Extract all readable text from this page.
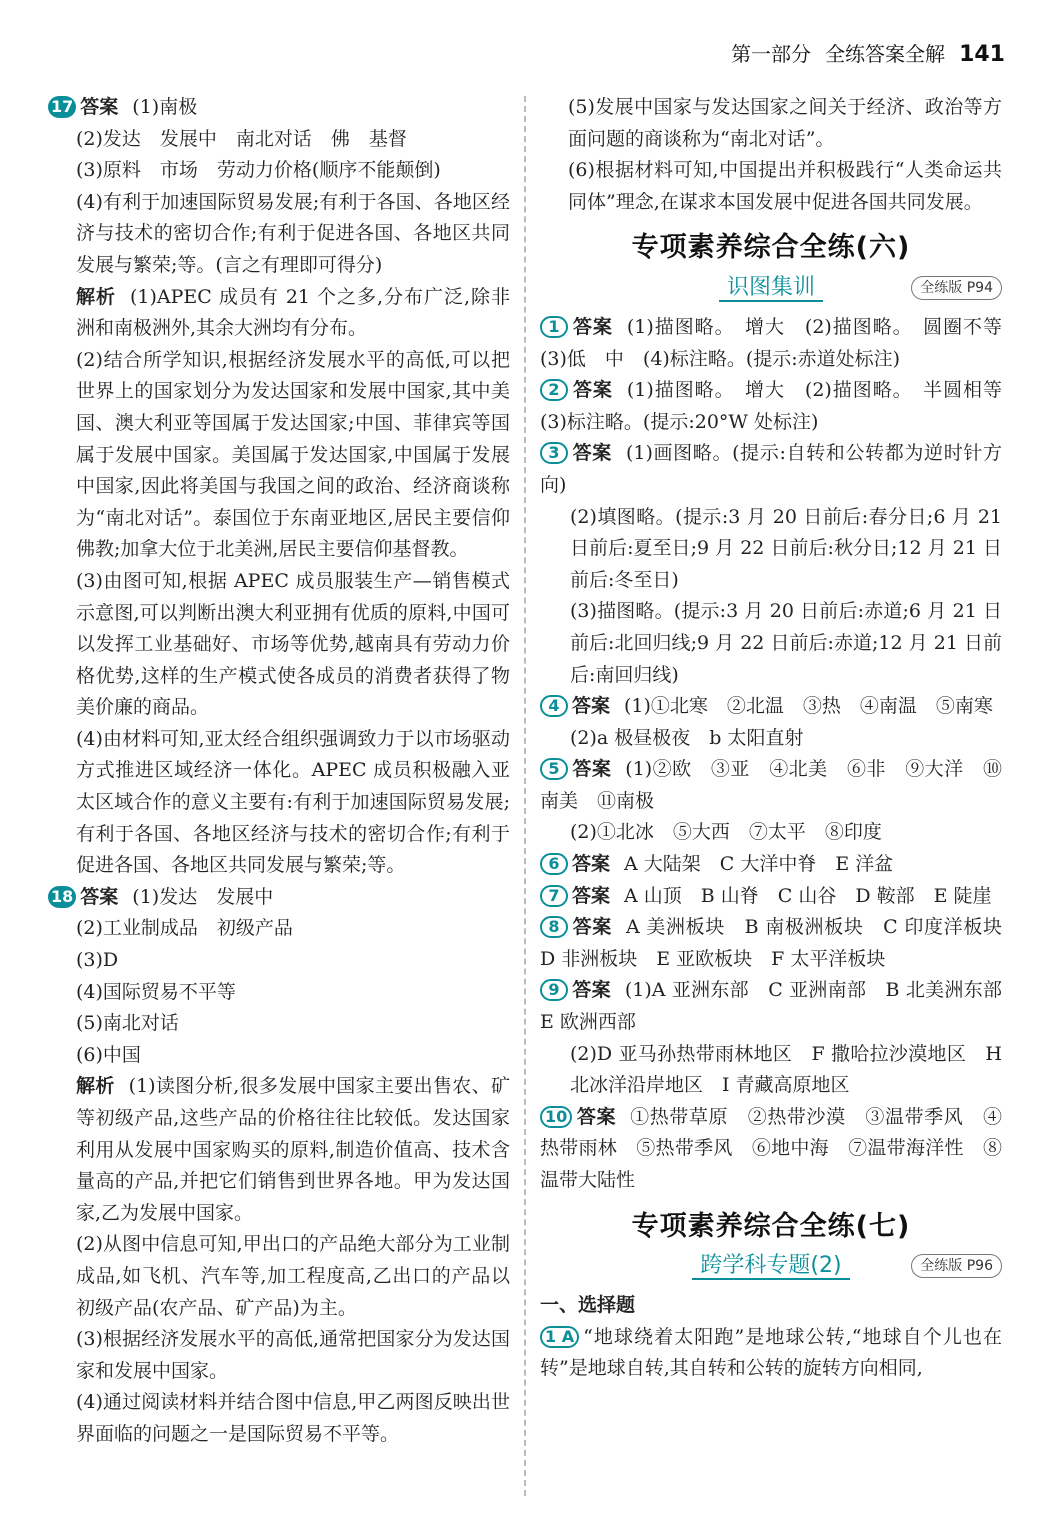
第一部分 全练答案全解 141

17 答案 (1)南极

(2)发达　发展中　南北对话　佛　基督

(3)原料　市场　劳动力价格(顺序不能颠倒)

(4)有利于加速国际贸易发展;有利于各国、各地区经济与技术的密切合作;有利于促进各国、各地区共同发展与繁荣;等。(言之有理即可得分)

解析 (1)APEC 成员有 21 个之多,分布广泛,除非洲和南极洲外,其余大洲均有分布。

(2)结合所学知识,根据经济发展水平的高低,可以把世界上的国家划分为发达国家和发展中国家,其中美国、澳大利亚等国属于发达国家;中国、菲律宾等国属于发展中国家。美国属于发达国家,中国属于发展中国家,因此将美国与我国之间的政治、经济商谈称为“南北对话”。泰国位于东南亚地区,居民主要信仰佛教;加拿大位于北美洲,居民主要信仰基督教。

(3)由图可知,根据 APEC 成员服装生产—销售模式示意图,可以判断出澳大利亚拥有优质的原料,中国可以发挥工业基础好、市场等优势,越南具有劳动力价格优势,这样的生产模式使各成员的消费者获得了物美价廉的商品。

(4)由材料可知,亚太经合组织强调致力于以市场驱动方式推进区域经济一体化。APEC 成员积极融入亚太区域合作的意义主要有:有利于加速国际贸易发展;有利于各国、各地区经济与技术的密切合作;有利于促进各国、各地区共同发展与繁荣;等。

18 答案 (1)发达　发展中

(2)工业制成品　初级产品

(3)D

(4)国际贸易不平等

(5)南北对话

(6)中国

解析 (1)读图分析,很多发展中国家主要出售农、矿等初级产品,这些产品的价格往往比较低。发达国家利用从发展中国家购买的原料,制造价值高、技术含量高的产品,并把它们销售到世界各地。甲为发达国家,乙为发展中国家。

(2)从图中信息可知,甲出口的产品绝大部分为工业制成品,如飞机、汽车等,加工程度高,乙出口的产品以初级产品(农产品、矿产品)为主。

(3)根据经济发展水平的高低,通常把国家分为发达国家和发展中国家。

(4)通过阅读材料并结合图中信息,甲乙两图反映出世界面临的问题之一是国际贸易不平等。

(5)发展中国家与发达国家之间关于经济、政治等方面问题的商谈称为“南北对话”。

(6)根据材料可知,中国提出并积极践行“人类命运共同体”理念,在谋求本国发展中促进各国共同发展。

专项素养综合全练(六)
识图集训	全练版 P94

1 答案 (1)描图略。　增大　(2)描图略。　圆圈不等　(3)低　中　(4)标注略。(提示:赤道处标注)

2 答案 (1)描图略。　增大　(2)描图略。　半圆相等　(3)标注略。(提示:20°W 处标注)

3 答案 (1)画图略。(提示:自转和公转都为逆时针方向)

(2)填图略。(提示:3 月 20 日前后:春分日;6 月 21 日前后:夏至日;9 月 22 日前后:秋分日;12 月 21 日前后:冬至日)

(3)描图略。(提示:3 月 20 日前后:赤道;6 月 21 日前后:北回归线;9 月 22 日前后:赤道;12 月 21 日前后:南回归线)

4 答案 (1)①北寒　②北温　③热　④南温　⑤南寒

(2)a 极昼极夜　b 太阳直射

5 答案 (1)②欧　③亚　④北美　⑥非　⑨大洋　⑩南美　⑪南极

(2)①北冰　⑤大西　⑦太平　⑧印度

6 答案 A 大陆架　C 大洋中脊　E 洋盆

7 答案 A 山顶　B 山脊　C 山谷　D 鞍部　E 陡崖

8 答案 A 美洲板块　B 南极洲板块　C 印度洋板块　D 非洲板块　E 亚欧板块　F 太平洋板块

9 答案 (1)A 亚洲东部　C 亚洲南部　B 北美洲东部　E 欧洲西部

(2)D 亚马孙热带雨林地区　F 撒哈拉沙漠地区　H 北冰洋沿岸地区　I 青藏高原地区

10 答案 ①热带草原　②热带沙漠　③温带季风　④热带雨林　⑤热带季风　⑥地中海　⑦温带海洋性　⑧温带大陆性

专项素养综合全练(七)
跨学科专题(2)	全练版 P96

一、选择题

1 A “地球绕着太阳跑”是地球公转,“地球自个儿也在转”是地球自转,其自转和公转的旋转方向相同,
